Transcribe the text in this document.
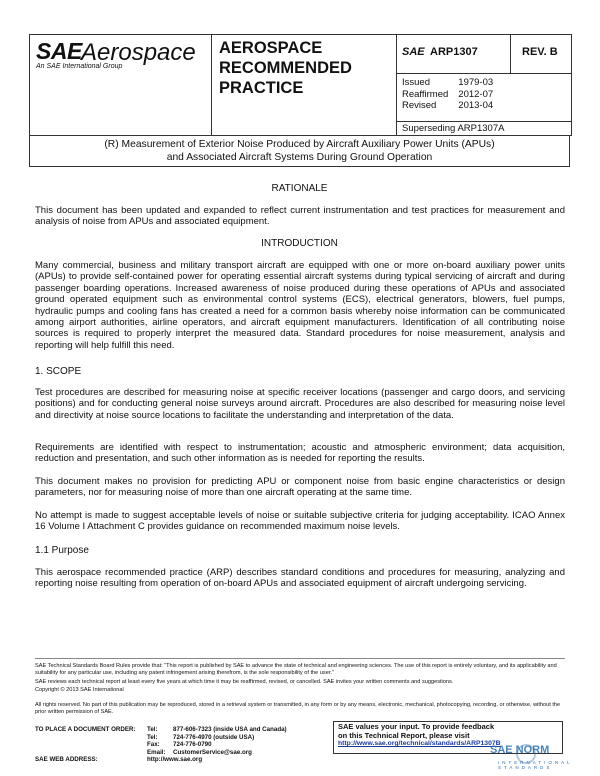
SAE Aerospace
An SAE International Group
AEROSPACE
RECOMMENDED
PRACTICE
SAE ARP1307	REV. B
Issued	1979-03
Reaffirmed	2012-07
Revised	2013-04
Superseding ARP1307A
(R) Measurement of Exterior Noise Produced by Aircraft Auxiliary Power Units (APUs)
and Associated Aircraft Systems During Ground Operation
RATIONALE
This document has been updated and expanded to reflect current instrumentation and test practices for measurement and analysis of noise from APUs and associated equipment.
INTRODUCTION
Many commercial, business and military transport aircraft are equipped with one or more on-board auxiliary power units (APUs) to provide self-contained power for operating essential aircraft systems during typical servicing of aircraft and during passenger boarding operations. Increased awareness of noise produced during these operations of APUs and associated ground operated equipment such as environmental control systems (ECS), electrical generators, blowers, fuel pumps, hydraulic pumps and cooling fans has created a need for a common basis whereby noise information can be communicated among airport authorities, airline operators, and aircraft equipment manufacturers. Identification of all contributing noise sources is required to properly interpret the measured data. Standard procedures for noise measurement, analysis and reporting will help fulfill this need.
1. SCOPE
Test procedures are described for measuring noise at specific receiver locations (passenger and cargo doors, and servicing positions) and for conducting general noise surveys around aircraft. Procedures are also described for measuring noise level and directivity at noise source locations to facilitate the understanding and interpretation of the data.
Requirements are identified with respect to instrumentation; acoustic and atmospheric environment; data acquisition, reduction and presentation, and such other information as is needed for reporting the results.
This document makes no provision for predicting APU or component noise from basic engine characteristics or design parameters, nor for measuring noise of more than one aircraft operating at the same time.
No attempt is made to suggest acceptable levels of noise or suitable subjective criteria for judging acceptability. ICAO Annex 16 Volume I Attachment C provides guidance on recommended maximum noise levels.
1.1 Purpose
This aerospace recommended practice (ARP) describes standard conditions and procedures for measuring, analyzing and reporting noise resulting from operation of on-board APUs and associated equipment of aircraft undergoing servicing.
SAE Technical Standards Board Rules provide that: “This report is published by SAE to advance the state of technical and engineering sciences. The use of this report is entirely voluntary, and its applicability and suitability for any particular use, including any patent infringement arising therefrom, is the sole responsibility of the user.”
SAE reviews each technical report at least every five years at which time it may be reaffirmed, revised, or cancelled. SAE invites your written comments and suggestions.
Copyright © 2013 SAE International
All rights reserved. No part of this publication may be reproduced, stored in a retrieval system or transmitted, in any form or by any means, electronic, mechanical, photocopying, recording, or otherwise, without the prior written permission of SAE.
TO PLACE A DOCUMENT ORDER:	Tel:	877-606-7323 (inside USA and Canada)
	Tel:	724-776-4970 (outside USA)
	Fax:	724-776-0790
	Email:	CustomerService@sae.org
SAE WEB ADDRESS:	http://www.sae.org	
SAE values your input. To provide feedback
on this Technical Report, please visit
http://www.sae.org/technical/standards/ARP1307B
SAE NORM
INTERNATIONAL STANDARDS
